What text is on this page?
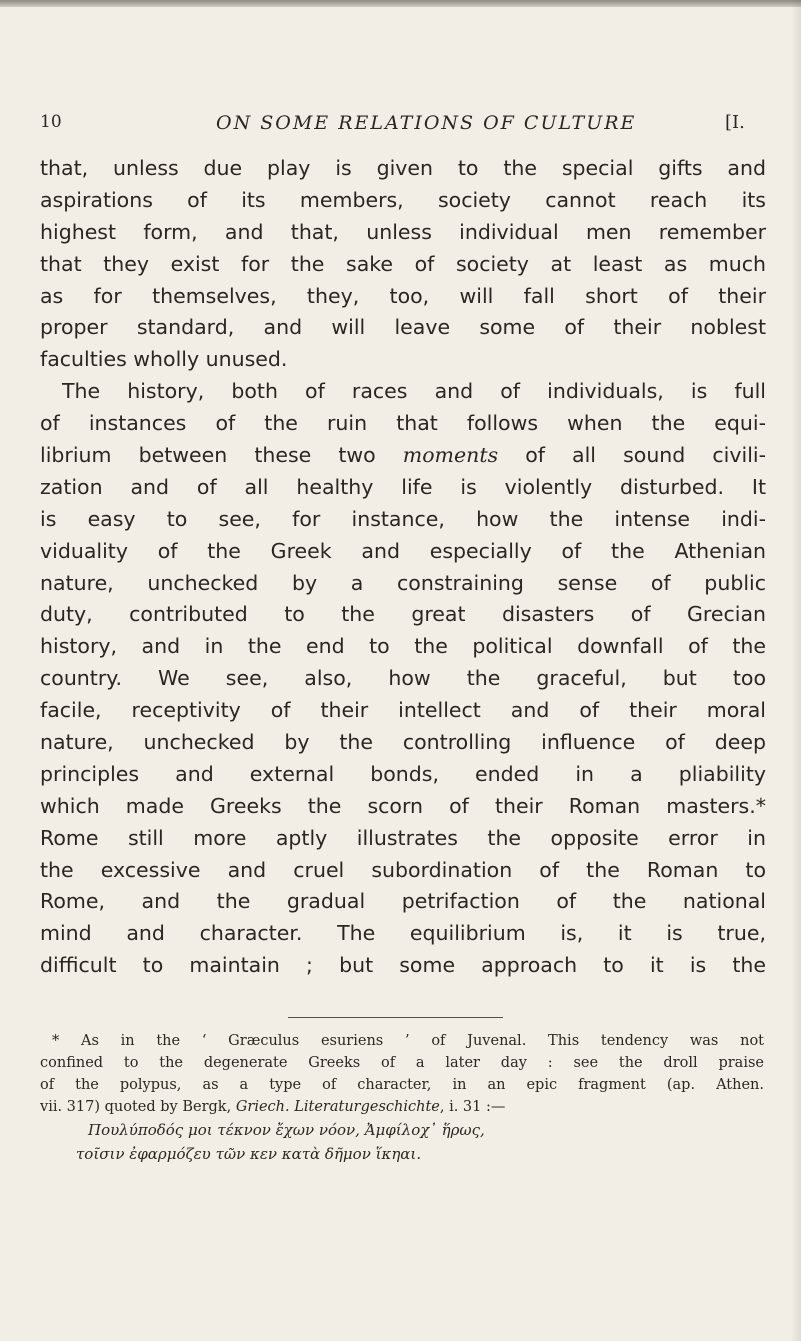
10	ON SOME RELATIONS OF CULTURE	[I.
that, unless due play is given to the special gifts and
aspirations of its members, society cannot reach its
highest form, and that, unless individual men remember
that they exist for the sake of society at least as much
as for themselves, they, too, will fall short of their
proper standard, and will leave some of their noblest
faculties wholly unused.
The history, both of races and of individuals, is full
of instances of the ruin that follows when the equi-
librium between these two moments of all sound civili-
zation and of all healthy life is violently disturbed. It
is easy to see, for instance, how the intense indi-
viduality of the Greek and especially of the Athenian
nature, unchecked by a constraining sense of public
duty, contributed to the great disasters of Grecian
history, and in the end to the political downfall of the
country. We see, also, how the graceful, but too
facile, receptivity of their intellect and of their moral
nature, unchecked by the controlling influence of deep
principles and external bonds, ended in a pliability
which made Greeks the scorn of their Roman masters.*
Rome still more aptly illustrates the opposite error in
the excessive and cruel subordination of the Roman to
Rome, and the gradual petrifaction of the national
mind and character. The equilibrium is, it is true,
difficult to maintain ; but some approach to it is the
* As in the ‘ Græculus esuriens ’ of Juvenal. This tendency was not
confined to the degenerate Greeks of a later day : see the droll praise
of the polypus, as a type of character, in an epic fragment (ap. Athen.
vii. 317) quoted by Bergk, Griech. Literaturgeschichte, i. 31 :—
Πουλύποδός μοι τέκνον ἔχων νόον, Ἀμφίλοχ᾽ ἥρως,
τοῖσιν ἐφαρμόζευ τῶν κεν κατὰ δῆμον ἵκηαι.
